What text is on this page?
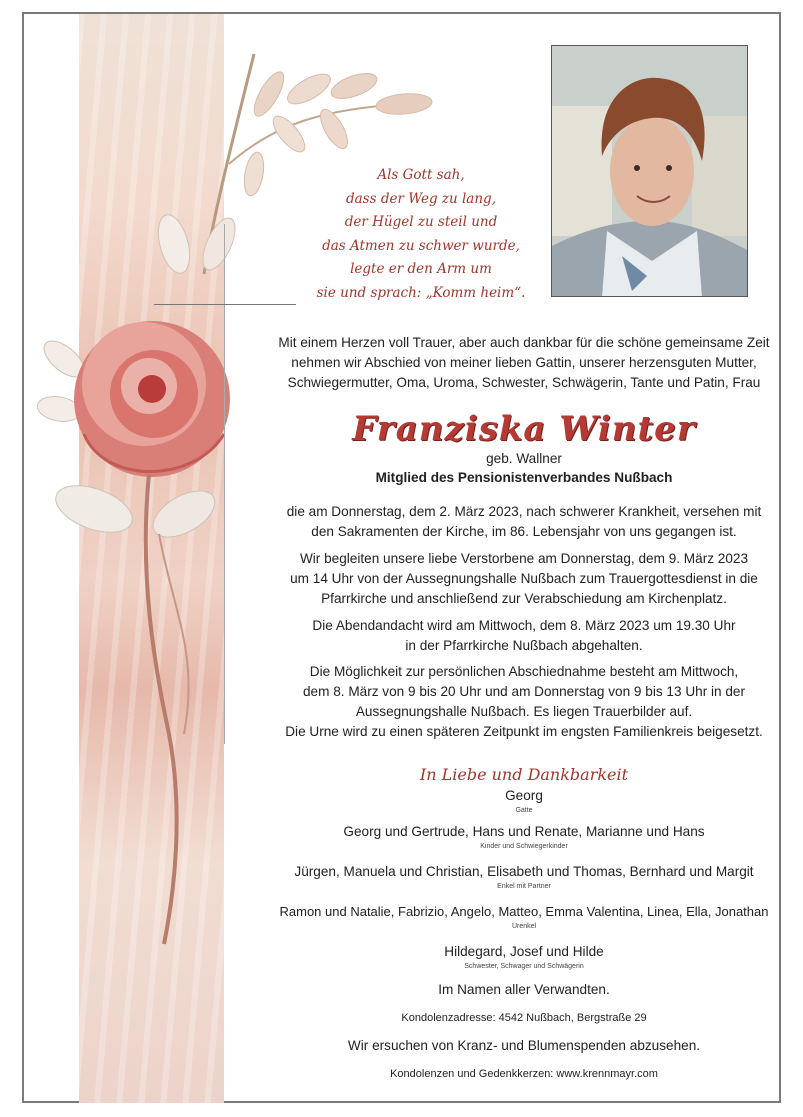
Als Gott sah,
dass der Weg zu lang,
der Hügel zu steil und
das Atmen zu schwer wurde,
legte er den Arm um
sie und sprach: „Komm heim“.
Mit einem Herzen voll Trauer, aber auch dankbar für die schöne gemeinsame Zeit
nehmen wir Abschied von meiner lieben Gattin, unserer herzensguten Mutter,
Schwiegermutter, Oma, Uroma, Schwester, Schwägerin, Tante und Patin, Frau
Franziska Winter
geb. Wallner
Mitglied des Pensionistenverbandes Nußbach
die am Donnerstag, dem 2. März 2023, nach schwerer Krankheit, versehen mit
den Sakramenten der Kirche, im 86. Lebensjahr von uns gegangen ist.
Wir begleiten unsere liebe Verstorbene am Donnerstag, dem 9. März 2023
um 14 Uhr von der Aussegnungshalle Nußbach zum Trauergottesdienst in die
Pfarrkirche und anschließend zur Verabschiedung am Kirchenplatz.
Die Abendandacht wird am Mittwoch, dem 8. März 2023 um 19.30 Uhr
in der Pfarrkirche Nußbach abgehalten.
Die Möglichkeit zur persönlichen Abschiednahme besteht am Mittwoch,
dem 8. März von 9 bis 20 Uhr und am Donnerstag von 9 bis 13 Uhr in der
Aussegnungshalle Nußbach. Es liegen Trauerbilder auf.
Die Urne wird zu einen späteren Zeitpunkt im engsten Familienkreis beigesetzt.
In Liebe und Dankbarkeit
Georg
Gatte
Georg und Gertrude, Hans und Renate, Marianne und Hans
Kinder und Schwiegerkinder
Jürgen, Manuela und Christian, Elisabeth und Thomas, Bernhard und Margit
Enkel mit Partner
Ramon und Natalie, Fabrizio, Angelo, Matteo, Emma Valentina, Linea, Ella, Jonathan
Urenkel
Hildegard, Josef und Hilde
Schwester, Schwager und Schwägerin
Im Namen aller Verwandten.
Kondolenzadresse: 4542 Nußbach, Bergstraße 29
Wir ersuchen von Kranz- und Blumenspenden abzusehen.
Kondolenzen und Gedenkkerzen: www.krennmayr.com
